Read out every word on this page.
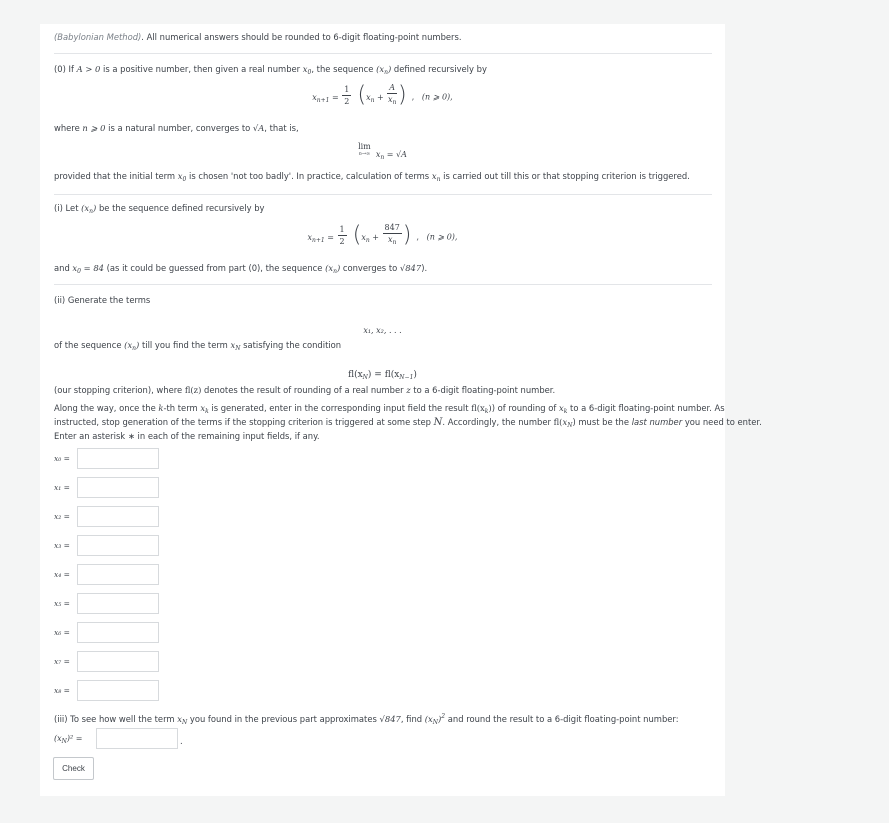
(Babylonian Method). All numerical answers should be rounded to 6-digit floating-point numbers.
(0) If A > 0 is a positive number, then given a real number $x_0$, the sequence $(x_n)$ defined recursively by
$x_{n+1} = \frac{1}{2} (x_n + \frac{A}{x_n}$ ) ,   (n ⩾ 0),
where n ⩾ 0 is a natural number, converges to √A, that is,
lim
n→∞ $x_n = √A$
provided that the initial term $x_0$ is chosen 'not too badly'. In practice, calculation of terms $x_n$ is carried out till this or that stopping criterion is triggered.
(i) Let $(x_n)$ be the sequence defined recursively by
$x_{n+1} = \frac{1}{2} (x_n + \frac{847}{x_n}$ ) ,   (n ⩾ 0),
and $x_0 = 84$ (as it could be guessed from part (0), the sequence $(x_n)$ converges to √847).
(ii) Generate the terms
x₁, x₂, . . .
of the sequence $(x_n)$ till you find the term $x_N$ satisfying the condition
$fl(x_N) = fl(x_{N-1})$
(our stopping criterion), where fl(z) denotes the result of rounding of a real number z to a 6-digit floating-point number.
Along the way, once the k-th term $x_k$ is generated, enter in the corresponding input field the result $fl(x_k)$) of rounding of $x_k$ to a 6-digit floating-point number. As
instructed, stop generation of the terms if the stopping criterion is triggered at some step N. Accordingly, the number $fl(x_N)$ must be the last number you need to enter.
Enter an asterisk ∗ in each of the remaining input fields, if any.
x₀ =
x₁ =
x₂ =
x₃ =
x₄ =
x₅ =
x₆ =
x₇ =
x₈ =
(iii) To see how well the term $x_N$ you found in the previous part approximates √847, find $(x_N)^2$ and round the result to a 6-digit floating-point number:
$(x_N)^2$ =	.
Check
